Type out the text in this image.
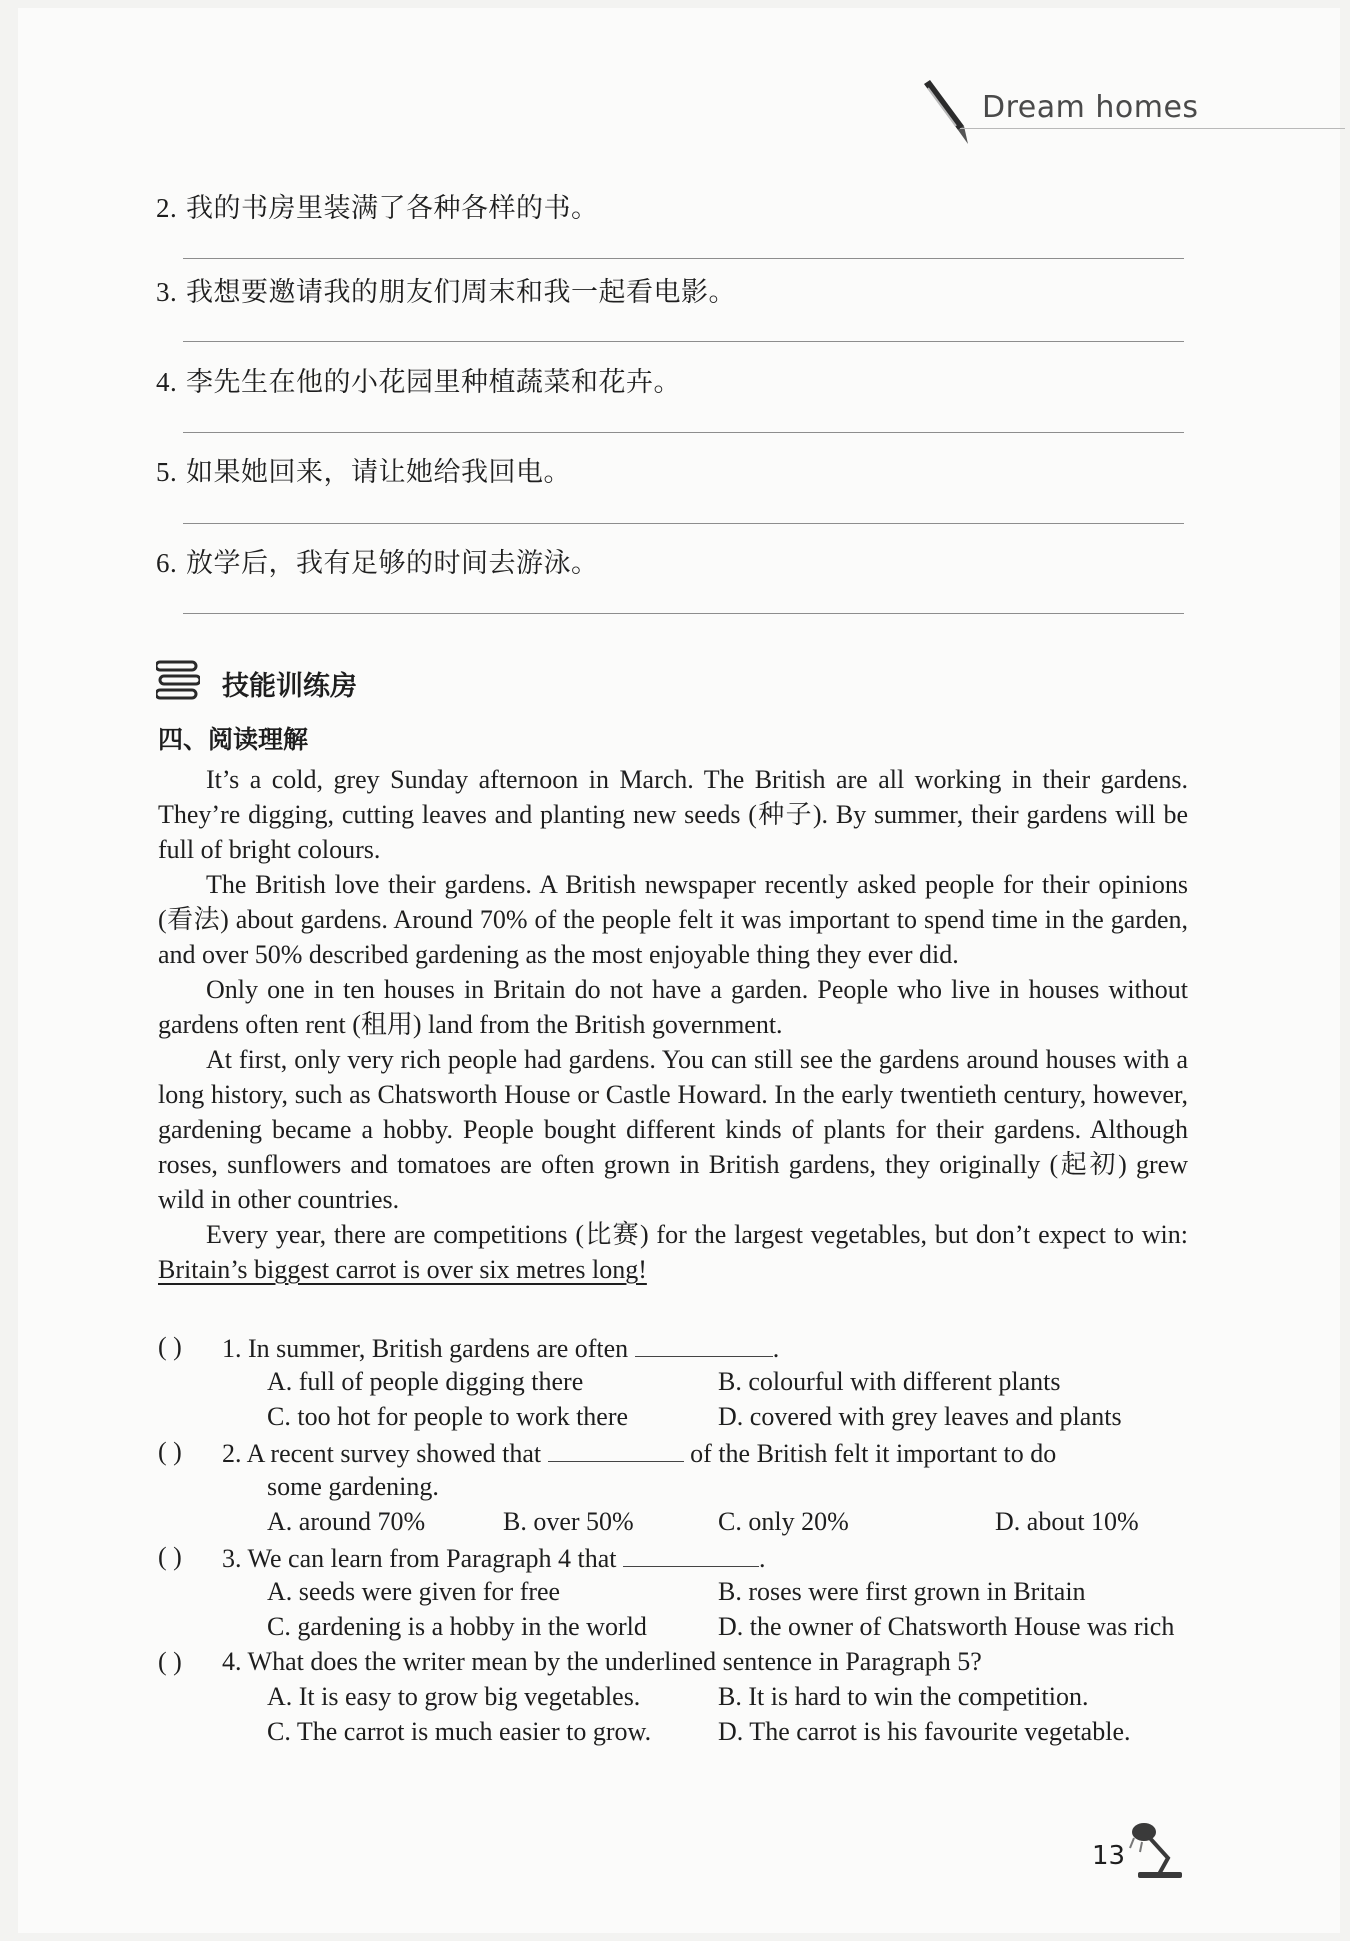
Dream homes
2. 我的书房里装满了各种各样的书。
3. 我想要邀请我的朋友们周末和我一起看电影。
4. 李先生在他的小花园里种植蔬菜和花卉。
5. 如果她回来，请让她给我回电。
6. 放学后，我有足够的时间去游泳。
技能训练房
四、阅读理解

It’s a cold, grey Sunday afternoon in March. The British are all working in their gardens. They’re digging, cutting leaves and planting new seeds (种子). By summer, their gardens will be full of bright colours.

The British love their gardens. A British newspaper recently asked people for their opinions (看法) about gardens. Around 70% of the people felt it was important to spend time in the garden, and over 50% described gardening as the most enjoyable thing they ever did.

Only one in ten houses in Britain do not have a garden. People who live in houses without gardens often rent (租用) land from the British government.

At first, only very rich people had gardens. You can still see the gardens around houses with a long history, such as Chatsworth House or Castle Howard. In the early twentieth century, however, gardening became a hobby. People bought different kinds of plants for their gardens. Although roses, sunflowers and tomatoes are often grown in British gardens, they originally (起初) grew wild in other countries.

Every year, there are competitions (比赛) for the largest vegetables, but don’t expect to win: Britain’s biggest carrot is over six metres long!

( ) 1. In summer, British gardens are often	.
A. full of people digging there	B. colourful with different plants
C. too hot for people to work there	D. covered with grey leaves and plants
( ) 2. A recent survey showed that	of the British felt it important to do
some gardening.
A. around 70%	B. over 50%	C. only 20%	D. about 10%
( ) 3. We can learn from Paragraph 4 that	.
A. seeds were given for free	B. roses were first grown in Britain
C. gardening is a hobby in the world	D. the owner of Chatsworth House was rich
( ) 4. What does the writer mean by the underlined sentence in Paragraph 5?
A. It is easy to grow big vegetables.	B. It is hard to win the competition.
C. The carrot is much easier to grow.	D. The carrot is his favourite vegetable.
13
